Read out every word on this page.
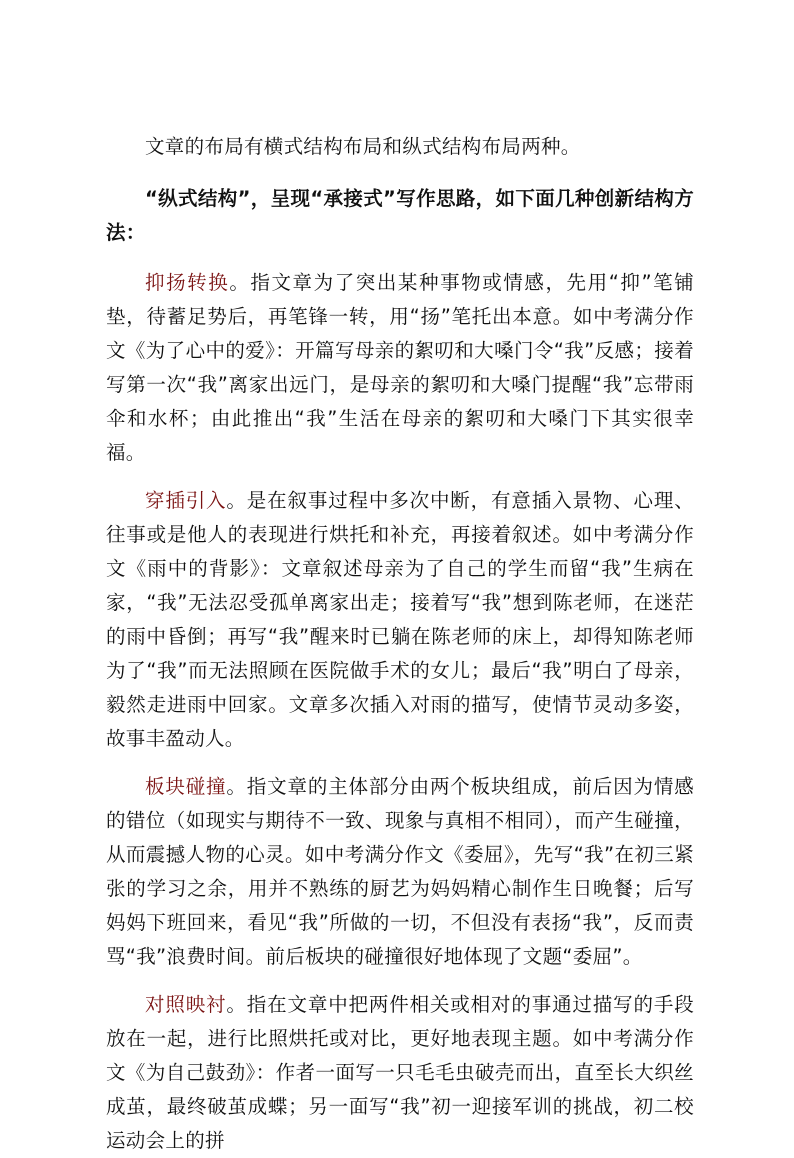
文章的布局有横式结构布局和纵式结构布局两种。

“纵式结构”，呈现“承接式”写作思路，如下面几种创新结构方法：

抑扬转换。指文章为了突出某种事物或情感，先用“抑”笔铺垫，待蓄足势后，再笔锋一转，用“扬”笔托出本意。如中考满分作文《为了心中的爱》：开篇写母亲的絮叨和大嗓门令“我”反感；接着写第一次“我”离家出远门，是母亲的絮叨和大嗓门提醒“我”忘带雨伞和水杯；由此推出“我”生活在母亲的絮叨和大嗓门下其实很幸福。

穿插引入。是在叙事过程中多次中断，有意插入景物、心理、往事或是他人的表现进行烘托和补充，再接着叙述。如中考满分作文《雨中的背影》：文章叙述母亲为了自己的学生而留“我”生病在家，“我”无法忍受孤单离家出走；接着写“我”想到陈老师，在迷茫的雨中昏倒；再写“我”醒来时已躺在陈老师的床上，却得知陈老师为了“我”而无法照顾在医院做手术的女儿；最后“我”明白了母亲，毅然走进雨中回家。文章多次插入对雨的描写，使情节灵动多姿，故事丰盈动人。

板块碰撞。指文章的主体部分由两个板块组成，前后因为情感的错位（如现实与期待不一致、现象与真相不相同），而产生碰撞，从而震撼人物的心灵。如中考满分作文《委屈》，先写“我”在初三紧张的学习之余，用并不熟练的厨艺为妈妈精心制作生日晚餐；后写妈妈下班回来，看见“我”所做的一切，不但没有表扬“我”，反而责骂“我”浪费时间。前后板块的碰撞很好地体现了文题“委屈”。

对照映衬。指在文章中把两件相关或相对的事通过描写的手段放在一起，进行比照烘托或对比，更好地表现主题。如中考满分作文《为自己鼓劲》：作者一面写一只毛毛虫破壳而出，直至长大织丝成茧，最终破茧成蝶；另一面写“我”初一迎接军训的挑战，初二校运动会上的拼
